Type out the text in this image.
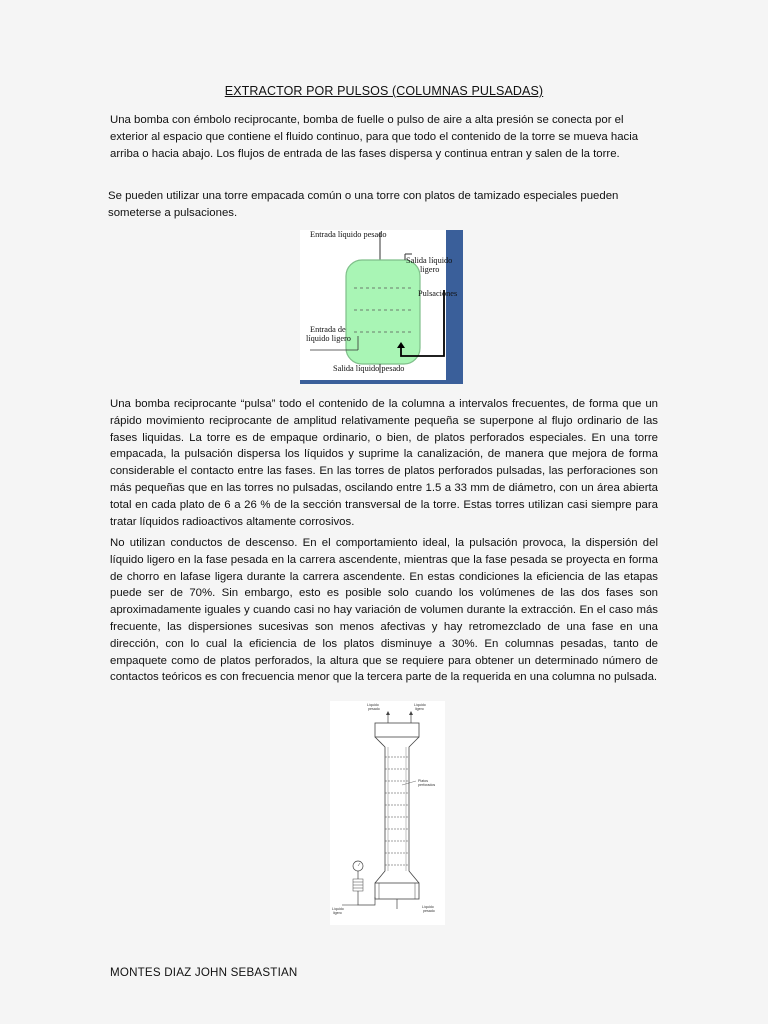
EXTRACTOR POR PULSOS (COLUMNAS PULSADAS)

Una bomba con émbolo reciprocante, bomba de fuelle o pulso de aire a alta presión se conecta por el exterior al espacio que contiene el fluido continuo, para que todo el contenido de la torre se mueva hacia arriba o hacia abajo. Los flujos de entrada de las fases dispersa y continua entran y salen de la torre.

Se pueden utilizar una torre empacada común o una torre con platos de tamizado especiales pueden someterse a pulsaciones.

Entrada líquido pesado
Salida líquido
ligero
Pulsaciones
Entrada de
líquido ligero
Salida líquido pesado

Una bomba reciprocante “pulsa” todo el contenido de la columna a intervalos frecuentes, de forma que un rápido movimiento reciprocante de amplitud relativamente pequeña se superpone al flujo ordinario de las fases liquidas. La torre es de empaque ordinario, o bien, de platos perforados especiales. En una torre empacada, la pulsación dispersa los líquidos y suprime la canalización, de manera que mejora de forma considerable el contacto entre las fases. En las torres de platos perforados pulsadas, las perforaciones son más pequeñas que en las torres no pulsadas, oscilando entre 1.5 a 33 mm de diámetro, con un área abierta total en cada plato de 6 a 26 % de la sección transversal de la torre. Estas torres utilizan casi siempre para tratar líquidos radioactivos altamente corrosivos.

No utilizan conductos de descenso. En el comportamiento ideal, la pulsación provoca, la dispersión del líquido ligero en la fase pesada en la carrera ascendente, mientras que la fase pesada se proyecta en forma de chorro en lafase ligera durante la carrera ascendente. En estas condiciones la eficiencia de las etapas puede ser de 70%. Sin embargo, esto es posible solo cuando los volúmenes de las dos fases son aproximadamente iguales y cuando casi no hay variación de volumen durante la extracción. En el caso más frecuente, las dispersiones sucesivas son menos afectivas y hay retromezclado de una fase en una dirección, con lo cual la eficiencia de los platos disminuye a 30%. En columnas pesadas, tanto de empaquete como de platos perforados, la altura que se requiere para obtener un determinado número de contactos teóricos es con frecuencia menor que la tercera parte de la requerida en una columna no pulsada.

Líquido
pesado
Líquido
ligero
Platos
perforados
Líquido
ligero
Líquido
pesado
MONTES DIAZ JOHN SEBASTIAN
